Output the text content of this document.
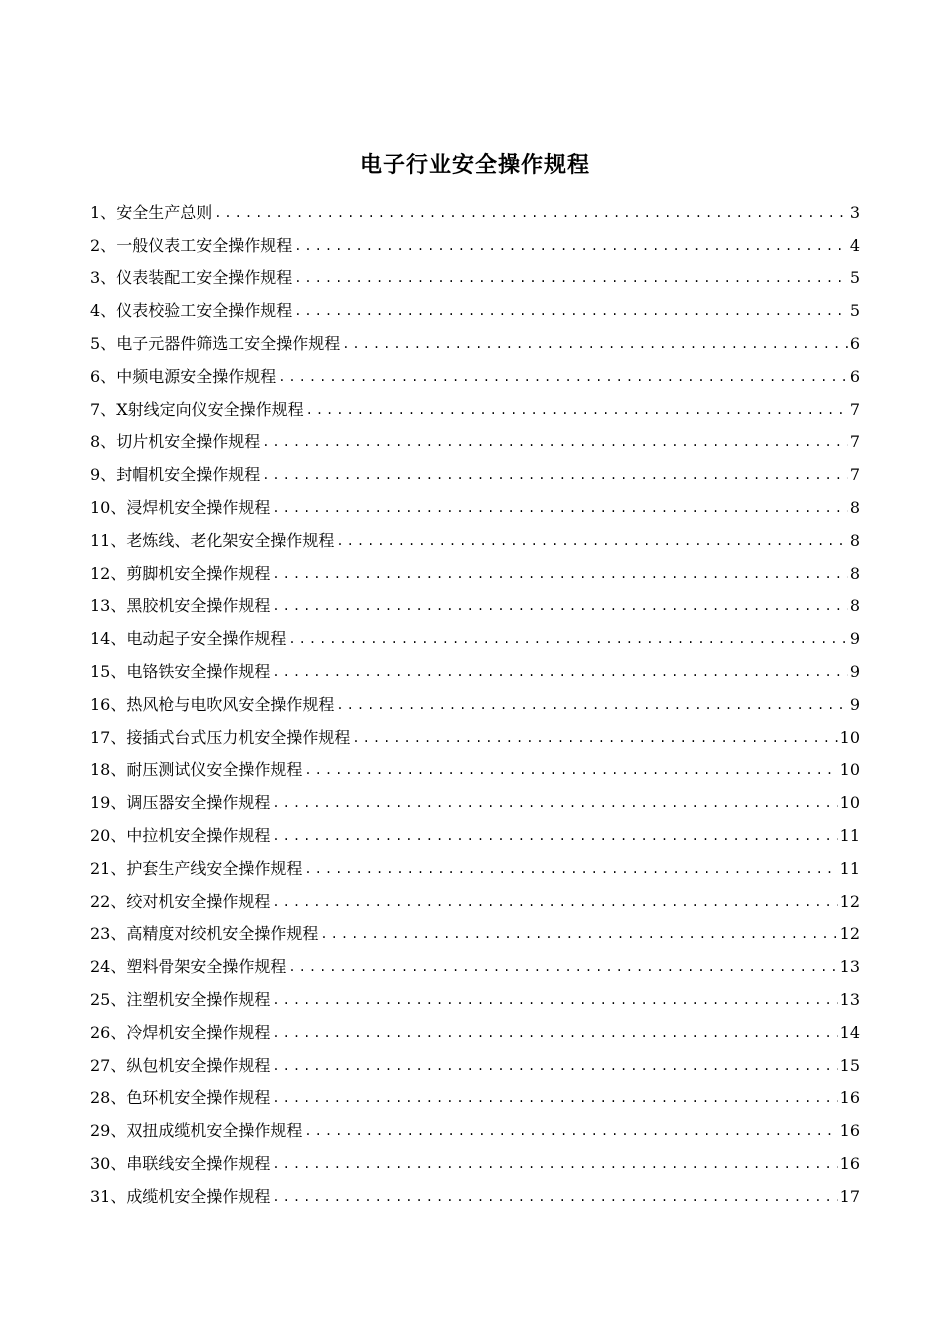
电子行业安全操作规程
1、 安全生产总则 .....	3
2、 一般仪表工安全操作规程 .....	4
3、 仪表装配工安全操作规程 .....	5
4、 仪表校验工安全操作规程 .....	5
5、 电子元器件筛选工安全操作规程 .....	6
6、 中频电源安全操作规程 .....	6
7、 X射线定向仪安全操作规程 .....	7
8、 切片机安全操作规程 .....	7
9、 封帽机安全操作规程 .....	7
10、 浸焊机安全操作规程 .....	8
11、 老炼线、老化架安全操作规程 .....	8
12、 剪脚机安全操作规程 .....	8
13、 黑胶机安全操作规程 .....	8
14、 电动起子安全操作规程 .....	9
15、 电铬铁安全操作规程 .....	9
16、 热风枪与电吹风安全操作规程 .....	9
17、 接插式台式压力机安全操作规程 .....	10
18、 耐压测试仪安全操作规程 .....	10
19、 调压器安全操作规程 .....	10
20、 中拉机安全操作规程 .....	11
21、 护套生产线安全操作规程 .....	11
22、 绞对机安全操作规程 .....	12
23、 高精度对绞机安全操作规程 .....	12
24、 塑料骨架安全操作规程 .....	13
25、 注塑机安全操作规程 .....	13
26、 冷焊机安全操作规程 .....	14
27、 纵包机安全操作规程 .....	15
28、 色环机安全操作规程 .....	16
29、 双扭成缆机安全操作规程 .....	16
30、 串联线安全操作规程 .....	16
31、 成缆机安全操作规程 .....	17
